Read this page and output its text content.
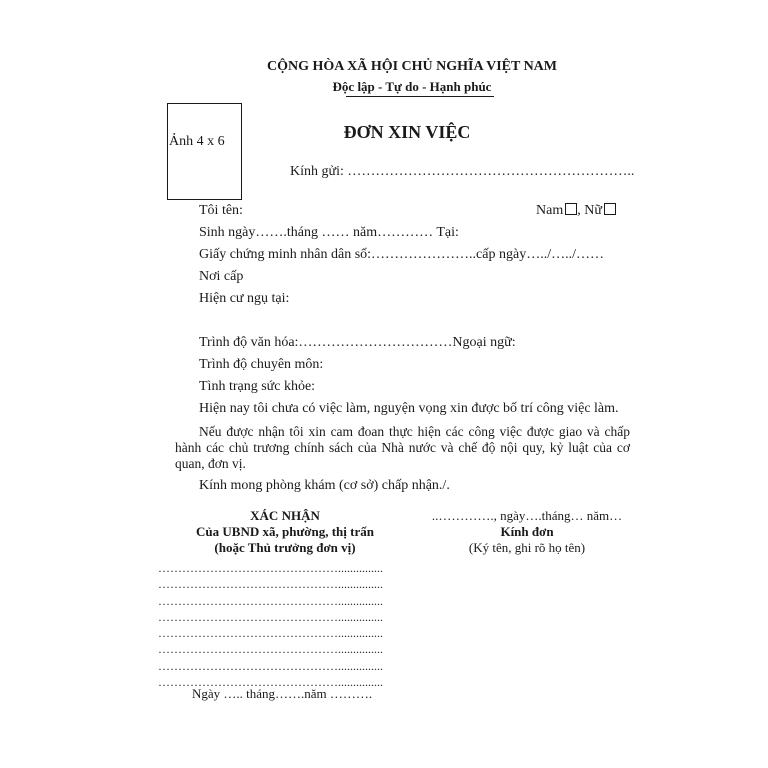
CỘNG HÒA XÃ HỘI CHỦ NGHĨA VIỆT NAM
Độc lập - Tự do - Hạnh phúc
Ảnh 4 x 6	ĐƠN XIN VIỆC
Kính gửi: ……………………………………………………..
Tôi tên:	Nam , Nữ
Sinh ngày…….tháng …… năm………… Tại:
Giấy chứng minh nhân dân số:…………………..cấp ngày…../…../……
Nơi cấp
Hiện cư ngụ tại:
Trình độ văn hóa:……………………………Ngoại ngữ:
Trình độ chuyên môn:
Tình trạng sức khỏe:
Hiện nay tôi chưa có việc làm, nguyện vọng xin được bố trí công việc làm.
Nếu được nhận tôi xin cam đoan thực hiện các công việc được giao và chấp hành các chủ trương chính sách của Nhà nước và chế độ nội quy, kỷ luật của cơ quan, đơn vị.
Kính mong phòng khám (cơ sở) chấp nhận./.
XÁC NHẬN
Của UBND xã, phường, thị trấn
(hoặc Thủ trưởng đơn vị)
………………………………………...............
………………………………………...............
………………………………………...............
………………………………………...............
………………………………………...............
………………………………………...............
………………………………………...............
………………………………………...............
Ngày ….. tháng…….năm ……….
..…………., ngày….tháng… năm…
Kính đơn
(Ký tên, ghi rõ họ tên)
